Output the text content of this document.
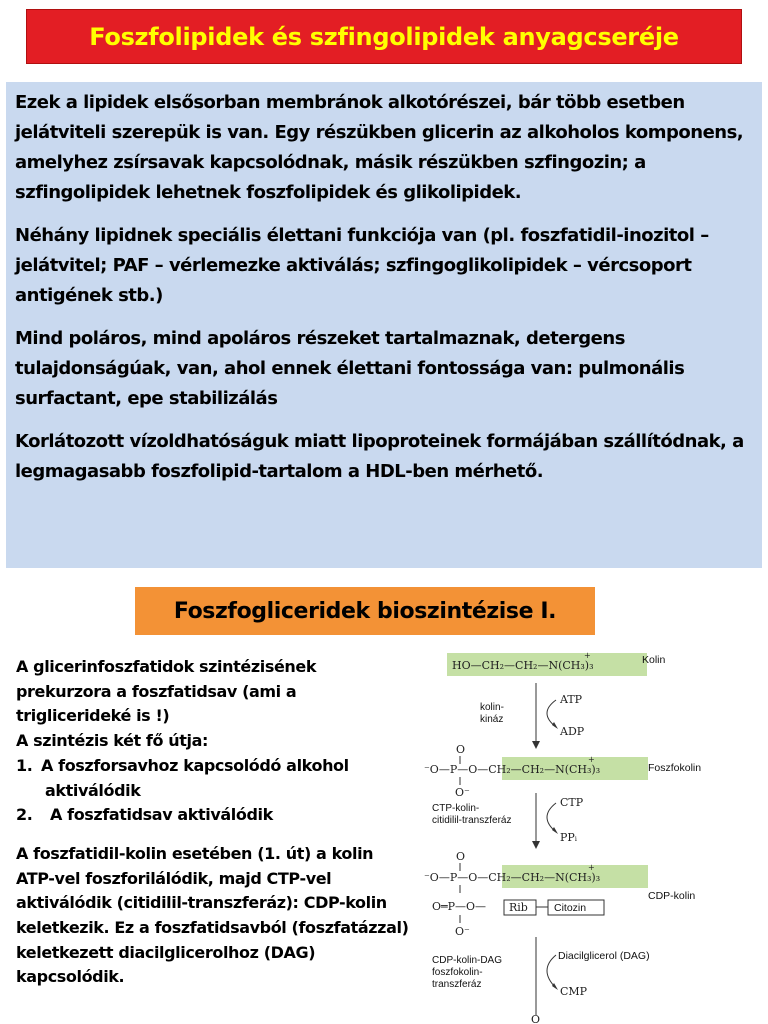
Foszfolipidek és szfingolipidek anyagcseréje

Ezek a lipidek elsősorban membránok alkotórészei, bár több esetben jelátviteli szerepük is van. Egy részükben glicerin az alkoholos komponens, amelyhez zsírsavak kapcsolódnak, másik részükben szfingozin; a szfingolipidek lehetnek foszfolipidek és glikolipidek.

Néhány lipidnek speciális élettani funkciója van (pl. foszfatidil-inozitol – jelátvitel; PAF – vérlemezke aktiválás; szfingoglikolipidek – vércsoport antigének stb.)

Mind poláros, mind apoláros részeket tartalmaznak, detergens tulajdonságúak, van, ahol ennek élettani fontossága van: pulmonális surfactant, epe stabilizálás

Korlátozott vízoldhatóságuk miatt lipoproteinek formájában szállítódnak, a legmagasabb foszfolipid-tartalom a HDL-ben mérhető.

Foszfogliceridek bioszintézise I.

A glicerinfoszfatidok szintézisének prekurzora a foszfatidsav (ami a triglicerideké is !)

A szintézis két fő útja:

1. A foszforsavhoz kapcsolódó alkohol
aktiválódik
2.	A foszfatidsav aktiválódik

A foszfatidil-kolin esetében (1. út) a kolin ATP-vel foszforilálódik, majd CTP-vel aktiválódik (citidilil-transzferáz): CDP-kolin keletkezik. Ez a foszfatidsavból (foszfatázzal) keletkezett diacilglicerolhoz (DAG) kapcsolódik.

HO—CH₂—CH₂—N(CH₃)₃
+	Kolin
ATP
ADP
kolin-
kináz
O
⁻O—P—O—CH₂—CH₂—N(CH₃)₃
+
O⁻
Foszfokolin
CTP
PPᵢ
CTP-kolin-
citidilil-transzferáz
O
⁻O—P—O—CH₂—CH₂—N(CH₃)₃
+
CDP-kolin
O═P—O— Rib Citozin
O⁻
Diacilglicerol (DAG)
CMP
CDP-kolin-DAG
foszfokolin-
transzferáz
O
